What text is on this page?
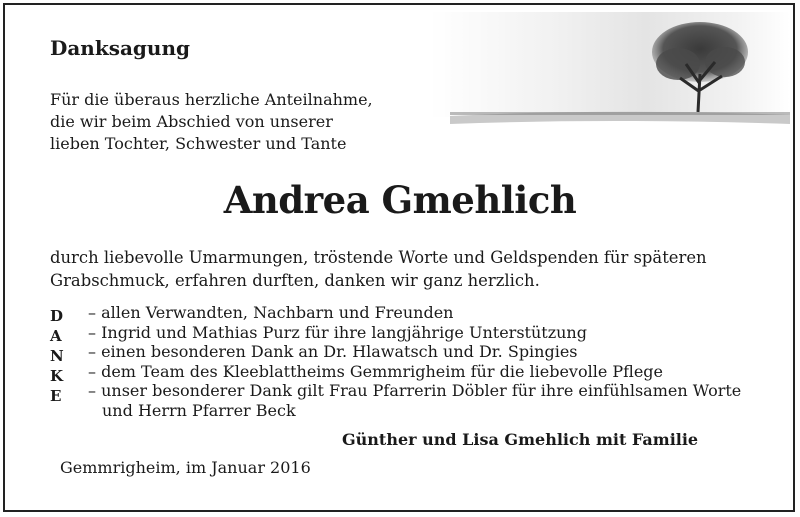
Danksagung
Für die überaus herzliche Anteilnahme,
die wir beim Abschied von unserer
lieben Tochter, Schwester und Tante
Andrea Gmehlich
durch liebevolle Umarmungen, tröstende Worte und Geldspenden für späteren
Grabschmuck, erfahren durften, danken wir ganz herzlich.
D
A
N
K
E
– allen Verwandten, Nachbarn und Freunden
– Ingrid und Mathias Purz für ihre langjährige Unterstützung
– einen besonderen Dank an Dr. Hlawatsch und Dr. Spingies
– dem Team des Kleeblattheims Gemmrigheim für die liebevolle Pflege
– unser besonderer Dank gilt Frau Pfarrerin Döbler für ihre einfühlsamen Worte
und Herrn Pfarrer Beck
Günther und Lisa Gmehlich mit Familie
Gemmrigheim, im Januar 2016
